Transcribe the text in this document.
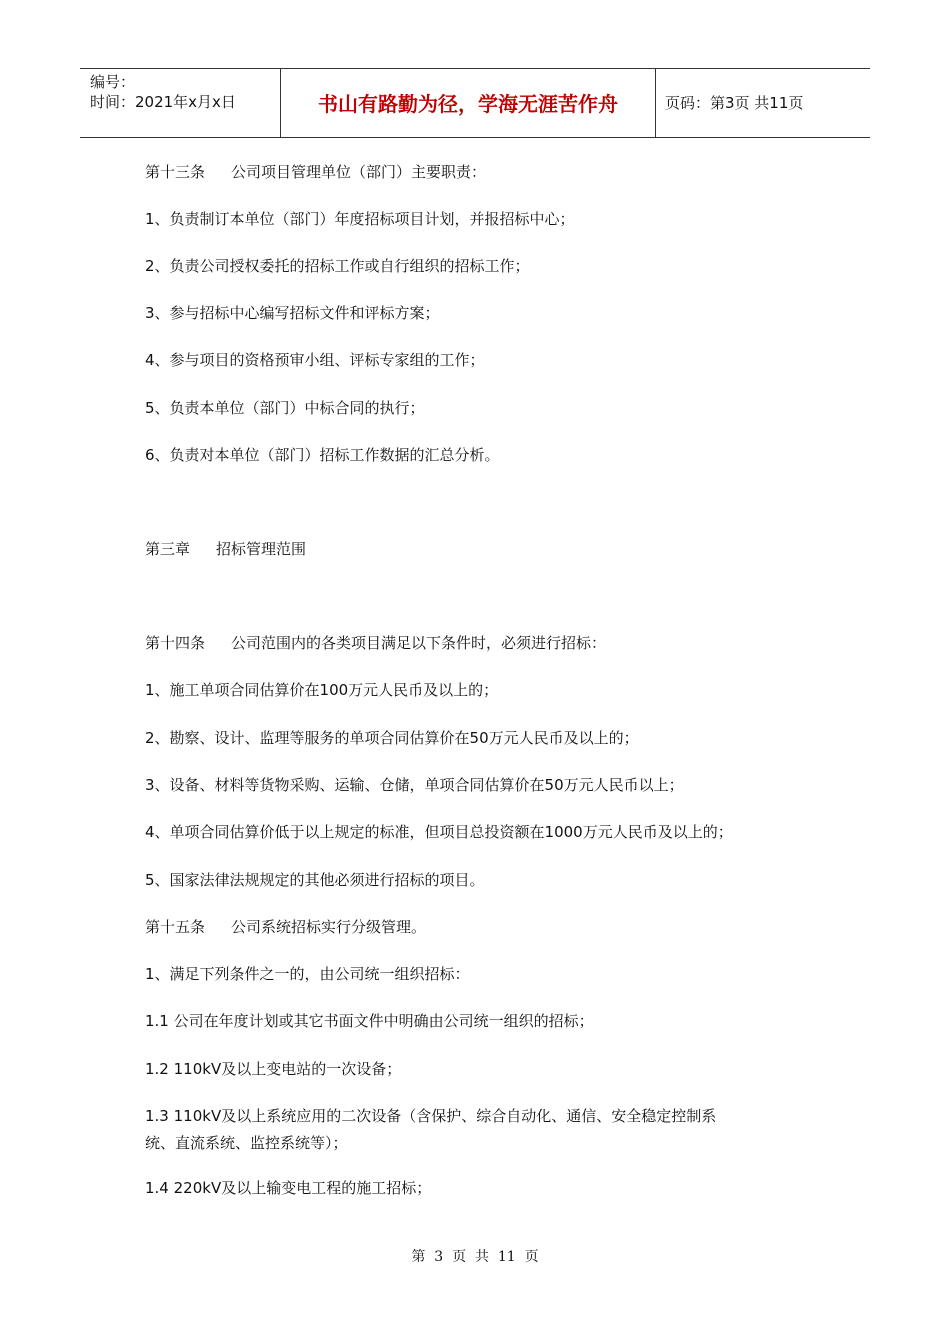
编号：
时间：2021年x月x日	书山有路勤为径，学海无涯苦作舟	页码：第3页 共11页
第十三条 公司项目管理单位（部门）主要职责：
1、负责制订本单位（部门）年度招标项目计划，并报招标中心；
2、负责公司授权委托的招标工作或自行组织的招标工作；
3、参与招标中心编写招标文件和评标方案；
4、参与项目的资格预审小组、评标专家组的工作；
5、负责本单位（部门）中标合同的执行；
6、负责对本单位（部门）招标工作数据的汇总分析。
第三章 招标管理范围
第十四条 公司范围内的各类项目满足以下条件时，必须进行招标：
1、施工单项合同估算价在100万元人民币及以上的；
2、勘察、设计、监理等服务的单项合同估算价在50万元人民币及以上的；
3、设备、材料等货物采购、运输、仓储，单项合同估算价在50万元人民币以上；
4、单项合同估算价低于以上规定的标准，但项目总投资额在1000万元人民币及以上的；
5、国家法律法规规定的其他必须进行招标的项目。
第十五条 公司系统招标实行分级管理。
1、满足下列条件之一的，由公司统一组织招标：
1.1 公司在年度计划或其它书面文件中明确由公司统一组织的招标；
1.2 110kV及以上变电站的一次设备；
1.3 110kV及以上系统应用的二次设备（含保护、综合自动化、通信、安全稳定控制系
统、直流系统、监控系统等）；
1.4 220kV及以上输变电工程的施工招标；
第  3  页  共  11  页
